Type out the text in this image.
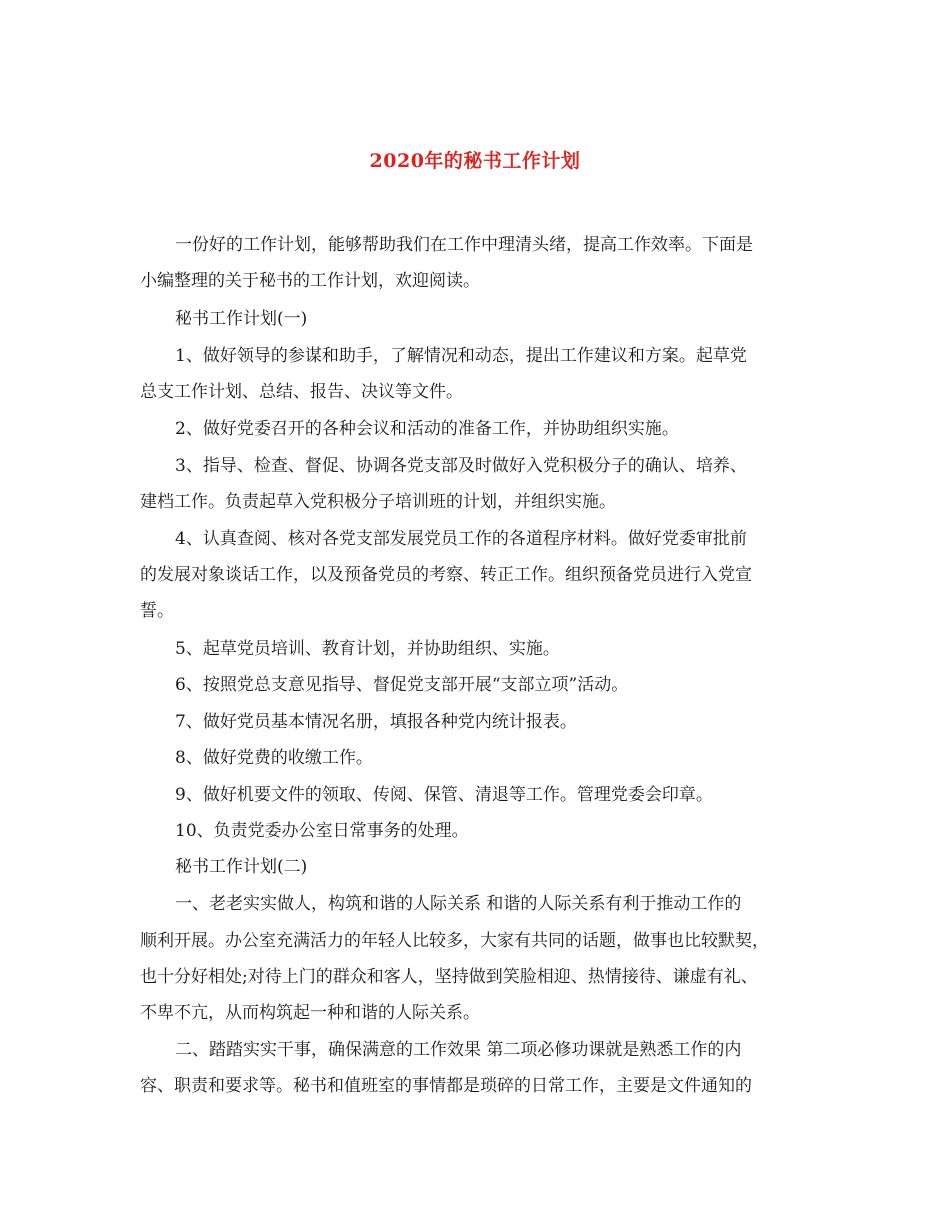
2020年的秘书工作计划
一份好的工作计划，能够帮助我们在工作中理清头绪，提高工作效率。下面是
小编整理的关于秘书的工作计划，欢迎阅读。
秘书工作计划(一)
1、做好领导的参谋和助手，了解情况和动态，提出工作建议和方案。起草党
总支工作计划、总结、报告、决议等文件。
2、做好党委召开的各种会议和活动的准备工作，并协助组织实施。
3、指导、检查、督促、协调各党支部及时做好入党积极分子的确认、培养、
建档工作。负责起草入党积极分子培训班的计划，并组织实施。
4、认真查阅、核对各党支部发展党员工作的各道程序材料。做好党委审批前
的发展对象谈话工作，以及预备党员的考察、转正工作。组织预备党员进行入党宣
誓。
5、起草党员培训、教育计划，并协助组织、实施。
6、按照党总支意见指导、督促党支部开展“支部立项”活动。
7、做好党员基本情况名册，填报各种党内统计报表。
8、做好党费的收缴工作。
9、做好机要文件的领取、传阅、保管、清退等工作。管理党委会印章。
10、负责党委办公室日常事务的处理。
秘书工作计划(二)
一、老老实实做人，构筑和谐的人际关系 和谐的人际关系有利于推动工作的
顺利开展。办公室充满活力的年轻人比较多，大家有共同的话题，做事也比较默契，
也十分好相处;对待上门的群众和客人，坚持做到笑脸相迎、热情接待、谦虚有礼、
不卑不亢，从而构筑起一种和谐的人际关系。
二、踏踏实实干事，确保满意的工作效果 第二项必修功课就是熟悉工作的内
容、职责和要求等。秘书和值班室的事情都是琐碎的日常工作，主要是文件通知的
